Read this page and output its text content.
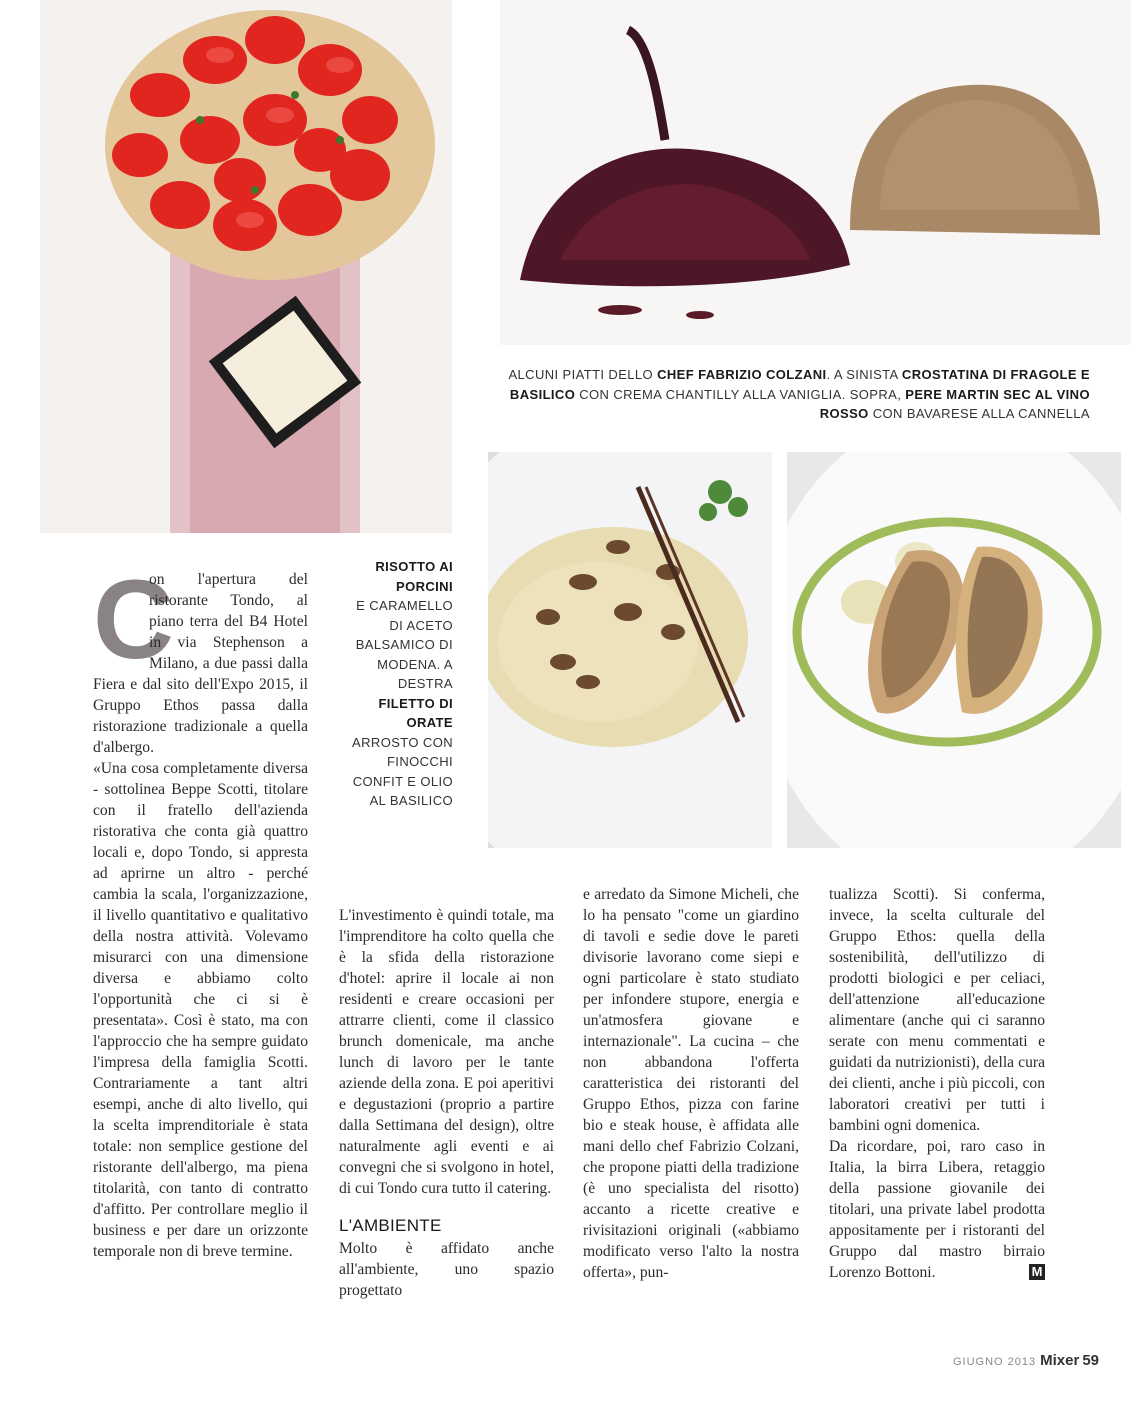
ALCUNI PIATTI DELLO CHEF FABRIZIO COLZANI. A SINISTA CROSTATINA DI FRAGOLE E BASILICO CON CREMA CHANTILLY ALLA VANIGLIA. SOPRA, PERE MARTIN SEC AL VINO ROSSO CON BAVARESE ALLA CANNELLA
RISOTTO AI PORCINI
E CARAMELLO DI ACETO BALSAMICO DI MODENA. A DESTRA
FILETTO DI ORATE
ARROSTO CON FINOCCHI CONFIT E OLIO AL BASILICO
C

on l'apertura del ristorante Tondo, al piano terra del B4 Hotel in via Stephenson a Milano, a due passi dalla Fiera e dal sito dell'Expo 2015, il Gruppo Ethos passa dalla ristorazione tradizionale a quella d'albergo.

«Una cosa completamente diversa - sottolinea Beppe Scotti, titolare con il fratello dell'azienda ristorativa che conta già quattro locali e, dopo Tondo, si appresta ad aprirne un altro - perché cambia la scala, l'organizzazione, il livello quantitativo e qualitativo della nostra attività. Volevamo misurarci con una dimensione diversa e abbiamo colto l'opportunità che ci si è presentata». Così è stato, ma con l'approccio che ha sempre guidato l'impresa della famiglia Scotti. Contrariamente a tant altri esempi, anche di alto livello, qui la scelta imprenditoriale è stata totale: non semplice gestione del ristorante dell'albergo, ma piena titolarità, con tanto di contratto d'affitto. Per controllare meglio il business e per dare un orizzonte temporale non di breve termine.

L'investimento è quindi totale, ma l'imprenditore ha colto quella che è la sfida della ristorazione d'hotel: aprire il locale ai non residenti e creare occasioni per attrarre clienti, come il classico brunch domenicale, ma anche lunch di lavoro per le tante aziende della zona. E poi aperitivi e degustazioni (proprio a partire dalla Settimana del design), oltre naturalmente agli eventi e ai convegni che si svolgono in hotel, di cui Tondo cura tutto il catering.

L'AMBIENTE

Molto è affidato anche all'ambiente, uno spazio progettato

e arredato da Simone Micheli, che lo ha pensato "come un giardino di tavoli e sedie dove le pareti divisorie lavorano come siepi e ogni particolare è stato studiato per infondere stupore, energia e un'atmosfera giovane e internazionale". La cucina – che non abbandona l'offerta caratteristica dei ristoranti del Gruppo Ethos, pizza con farine bio e steak house, è affidata alle mani dello chef Fabrizio Colzani, che propone piatti della tradizione (è uno specialista del risotto) accanto a ricette creative e rivisitazioni originali («abbiamo modificato verso l'alto la nostra offerta», pun-

tualizza Scotti). Si conferma, invece, la scelta culturale del Gruppo Ethos: quella della sostenibilità, dell'utilizzo di prodotti biologici e per celiaci, dell'attenzione all'educazione alimentare (anche qui ci saranno serate con menu commentati e guidati da nutrizionisti), della cura dei clienti, anche i più piccoli, con laboratori creativi per tutti i bambini ogni domenica.

Da ricordare, poi, raro caso in Italia, la birra Libera, retaggio della passione giovanile dei titolari, una private label prodotta appositamente per i ristoranti del Gruppo dal mastro birraio Lorenzo Bottoni.	M

GIUGNO 2013 Mixer 59
